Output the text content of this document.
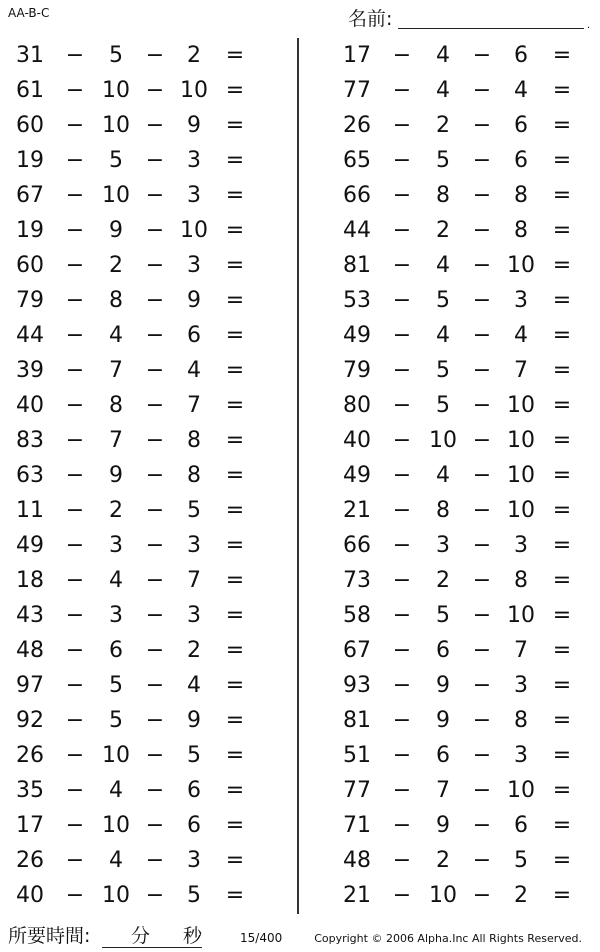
AA-B-C	名前:	.
31 −	5	−	2	=
61 − 10 − 10 =
60 − 10 −	9	=
19 −	5	−	3	=
67 − 10 −	3	=
19 −	9	− 10 =
60 −	2	−	3	=
79 −	8	−	9	=
44 −	4	−	6	=
39 −	7	−	4	=
40 −	8	−	7	=
83 −	7	−	8	=
63 −	9	−	8	=
11 −	2	−	5	=
49 −	3	−	3	=
18 −	4	−	7	=
43 −	3	−	3	=
48 −	6	−	2	=
97 −	5	−	4	=
92 −	5	−	9	=
26 − 10 −	5	=
35 −	4	−	6	=
17 − 10 −	6	=
26 −	4	−	3	=
40 − 10 −	5	=
17 −	4	−	6	=
77 −	4	−	4	=
26 −	2	−	6	=
65 −	5	−	6	=
66 −	8	−	8	=
44 −	2	−	8	=
81 −	4	− 10 =
53 −	5	−	3	=
49 −	4	−	4	=
79 −	5	−	7	=
80 −	5	− 10 =
40 − 10 − 10 =
49 −	4	− 10 =
21 −	8	− 10 =
66 −	3	−	3	=
73 −	2	−	8	=
58 −	5	− 10 =
67 −	6	−	7	=
93 −	9	−	3	=
81 −	9	−	8	=
51 −	6	−	3	=
77 −	7	− 10 =
71 −	9	−	6	=
48 −	2	−	5	=
21 − 10 −	2	=
所要時間: 分 秒	15/400	Copyright © 2006 Alpha.Inc All Rights Reserved.
